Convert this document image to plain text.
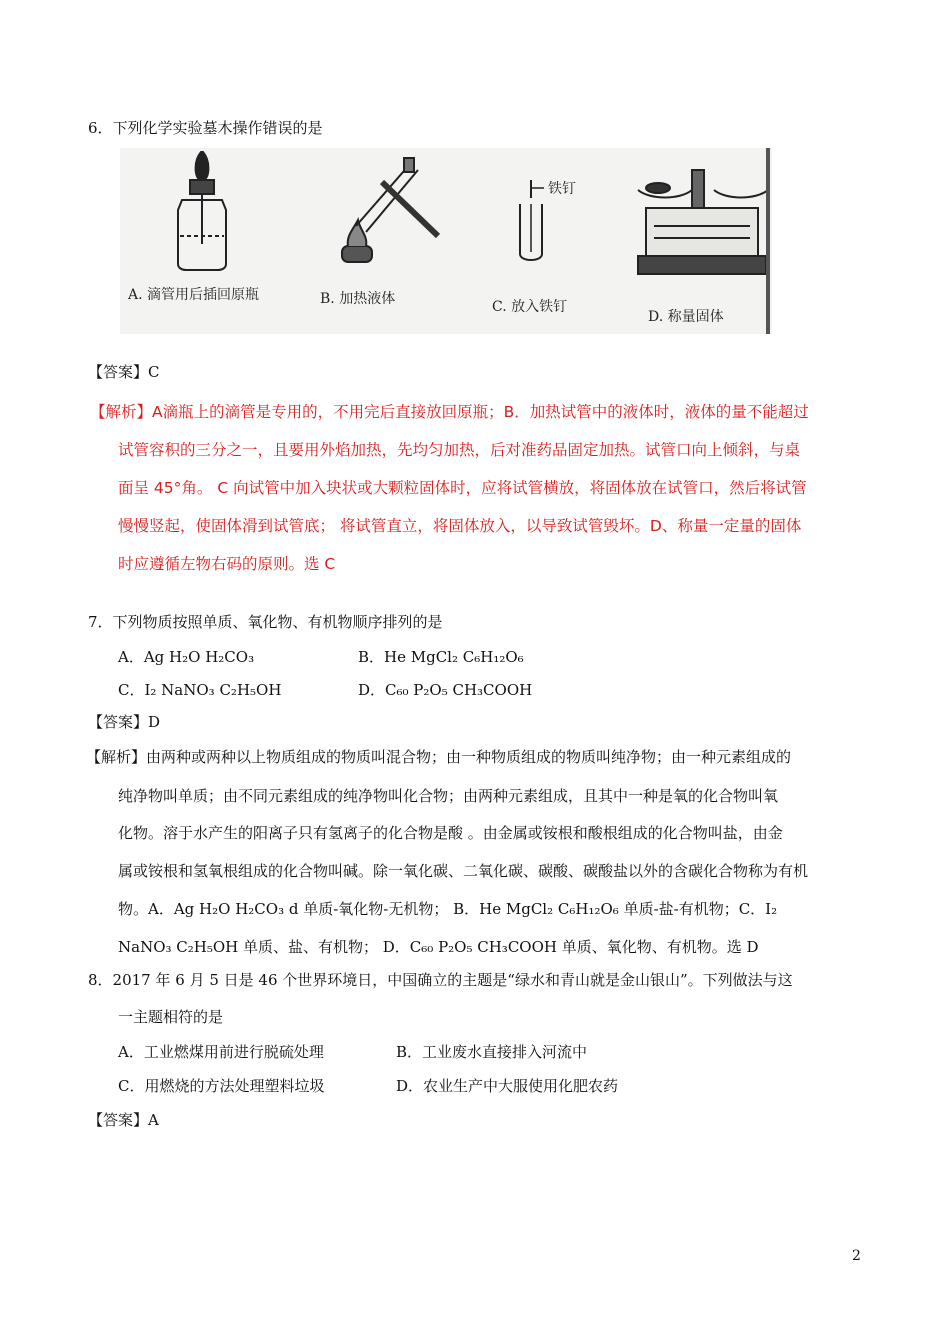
6．下列化学实验墓木操作错误的是
铁钉
A. 滴管用后插回原瓶	B. 加热液体	C. 放入铁钉
D. 称量固体
【答案】C
【解析】A滴瓶上的滴管是专用的，不用完后直接放回原瓶；B．加热试管中的液体时，液体的量不能超过
试管容积的三分之一，且要用外焰加热，先均匀加热，后对准药品固定加热。试管口向上倾斜，与桌
面呈 45°角。 C 向试管中加入块状或大颗粒固体时，应将试管横放，将固体放在试管口，然后将试管
慢慢竖起，使固体滑到试管底； 将试管直立，将固体放入，以导致试管毁坏。D、称量一定量的固体
时应遵循左物右码的原则。选 C
7．下列物质按照单质、氧化物、有机物顺序排列的是
A．Ag H₂O H₂CO₃	B．He MgCl₂ C₆H₁₂O₆
C．I₂ NaNO₃ C₂H₅OH	D．C₆₀ P₂O₅ CH₃COOH
【答案】D
【解析】由两种或两种以上物质组成的物质叫混合物；由一种物质组成的物质叫纯净物；由一种元素组成的
纯净物叫单质；由不同元素组成的纯净物叫化合物；由两种元素组成，且其中一种是氧的化合物叫氧
化物。溶于水产生的阳离子只有氢离子的化合物是酸 。由金属或铵根和酸根组成的化合物叫盐，由金
属或铵根和氢氧根组成的化合物叫碱。除一氧化碳、二氧化碳、碳酸、碳酸盐以外的含碳化合物称为有机
物。A．Ag H₂O H₂CO₃ d 单质-氧化物-无机物； B．He MgCl₂ C₆H₁₂O₆ 单质-盐-有机物；C．I₂
NaNO₃ C₂H₅OH 单质、盐、有机物； D．C₆₀ P₂O₅ CH₃COOH 单质、氧化物、有机物。选 D
8．2017 年 6 月 5 日是 46 个世界环境日，中国确立的主题是“绿水和青山就是金山银山”。下列做法与这
一主题相符的是
A．工业燃煤用前进行脱硫处理	B．工业废水直接排入河流中
C．用燃烧的方法处理塑料垃圾	D．农业生产中大服使用化肥农药
【答案】A
2
